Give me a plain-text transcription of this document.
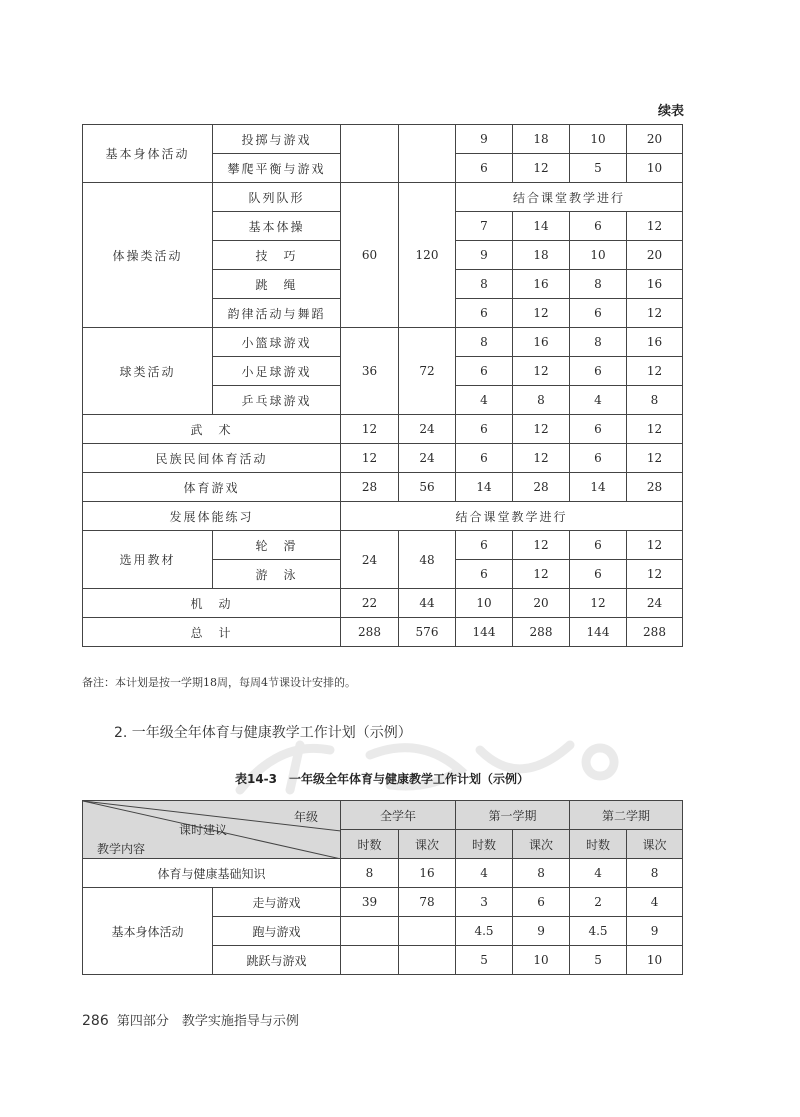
续表
基本身体活动	投掷与游戏			9	18	10	20
	攀爬平衡与游戏			6	12	5	10
体操类活动	队列队形	60	120	结合课堂教学进行			
	基本体操			7	14	6	12
	技　巧			9	18	10	20
	跳　绳			8	16	8	16
	韵律活动与舞蹈			6	12	6	12
球类活动	小篮球游戏	36	72	8	16	8	16
	小足球游戏			6	12	6	12
	乒乓球游戏			4	8	4	8
武　术		12	24	6	12	6	12
民族民间体育活动		12	24	6	12	6	12
体育游戏		28	56	14	28	14	28
发展体能练习		结合课堂教学进行					
选用教材	轮　滑	24	48	6	12	6	12
	游　泳			6	12	6	12
机　动		22	44	10	20	12	24
总　计		288	576	144	288	144	288
备注：本计划是按一学期18周，每周4节课设计安排的。
2. 一年级全年体育与健康教学工作计划（示例）
表14-3　一年级全年体育与健康教学工作计划（示例）
年级
课时建议
教学内容		全学年		第一学期		第二学期	
		时数	课次	时数	课次	时数	课次
体育与健康基础知识		8	16	4	8	4	8
基本身体活动	走与游戏	39	78	3	6	2	4
	跑与游戏			4.5	9	4.5	9
	跳跃与游戏			5	10	5	10
286 第四部分　教学实施指导与示例
